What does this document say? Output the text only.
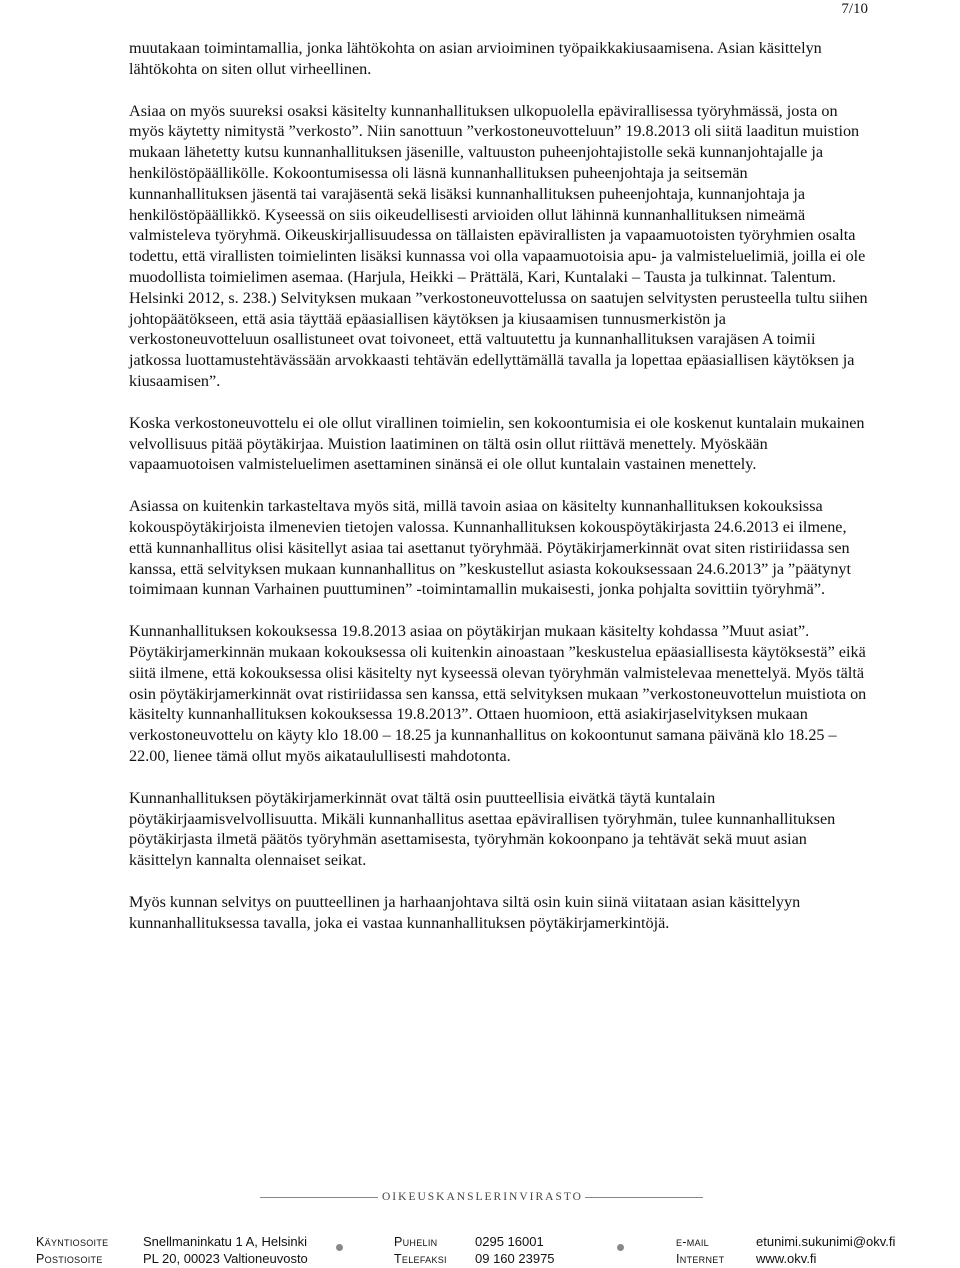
7/10

muutakaan toimintamallia, jonka lähtökohta on asian arvioiminen työpaikkakiusaamisena. Asian käsittelyn lähtökohta on siten ollut virheellinen.

Asiaa on myös suureksi osaksi käsitelty kunnanhallituksen ulkopuolella epävirallisessa työryhmässä, josta on myös käytetty nimitystä ”verkosto”. Niin sanottuun ”verkostoneuvotteluun” 19.8.2013 oli siitä laaditun muistion mukaan lähetetty kutsu kunnanhallituksen jäsenille, valtuuston puheenjohtajistolle sekä kunnanjohtajalle ja henkilöstöpäällikölle. Kokoontumisessa oli läsnä kunnanhallituksen puheenjohtaja ja seitsemän kunnanhallituksen jäsentä tai varajäsentä sekä lisäksi kunnanhallituksen puheenjohtaja, kunnanjohtaja ja henkilöstöpäällikkö. Kyseessä on siis oikeudellisesti arvioiden ollut lähinnä kunnanhallituksen nimeämä valmisteleva työryhmä. Oikeuskirjallisuudessa on tällaisten epävirallisten ja vapaamuotoisten työryhmien osalta todettu, että virallisten toimielinten lisäksi kunnassa voi olla vapaamuotoisia apu- ja valmisteluelimiä, joilla ei ole muodollista toimielimen asemaa. (Harjula, Heikki – Prättälä, Kari, Kuntalaki – Tausta ja tulkinnat. Talentum. Helsinki 2012, s. 238.) Selvityksen mukaan ”verkostoneuvottelussa on saatujen selvitysten perusteella tultu siihen johtopäätökseen, että asia täyttää epäasiallisen käytöksen ja kiusaamisen tunnusmerkistön ja verkostoneuvotteluun osallistuneet ovat toivoneet, että valtuutettu ja kunnanhallituksen varajäsen A toimii jatkossa luottamustehtävässään arvokkaasti tehtävän edellyttämällä tavalla ja lopettaa epäasiallisen käytöksen ja kiusaamisen”.

Koska verkostoneuvottelu ei ole ollut virallinen toimielin, sen kokoontumisia ei ole koskenut kuntalain mukainen velvollisuus pitää pöytäkirjaa. Muistion laatiminen on tältä osin ollut riittävä menettely. Myöskään vapaamuotoisen valmisteluelimen asettaminen sinänsä ei ole ollut kuntalain vastainen menettely.

Asiassa on kuitenkin tarkasteltava myös sitä, millä tavoin asiaa on käsitelty kunnanhallituksen kokouksissa kokouspöytäkirjoista ilmenevien tietojen valossa. Kunnanhallituksen kokouspöytäkirjasta 24.6.2013 ei ilmene, että kunnanhallitus olisi käsitellyt asiaa tai asettanut työryhmää. Pöytäkirjamerkinnät ovat siten ristiriidassa sen kanssa, että selvityksen mukaan kunnanhallitus on ”keskustellut asiasta kokouksessaan 24.6.2013” ja ”päätynyt toimimaan kunnan Varhainen puuttuminen” -toimintamallin mukaisesti, jonka pohjalta sovittiin työryhmä”.

Kunnanhallituksen kokouksessa 19.8.2013 asiaa on pöytäkirjan mukaan käsitelty kohdassa ”Muut asiat”. Pöytäkirjamerkinnän mukaan kokouksessa oli kuitenkin ainoastaan ”keskustelua epäasiallisesta käytöksestä” eikä siitä ilmene, että kokouksessa olisi käsitelty nyt kyseessä olevan työryhmän valmistelevaa menettelyä. Myös tältä osin pöytäkirjamerkinnät ovat ristiriidassa sen kanssa, että selvityksen mukaan ”verkostoneuvottelun muistiota on käsitelty kunnanhallituksen kokouksessa 19.8.2013”. Ottaen huomioon, että asiakirjaselvityksen mukaan verkostoneuvottelu on käyty klo 18.00 – 18.25 ja kunnanhallitus on kokoontunut samana päivänä klo 18.25 – 22.00, lienee tämä ollut myös aikataulullisesti mahdotonta.

Kunnanhallituksen pöytäkirjamerkinnät ovat tältä osin puutteellisia eivätkä täytä kuntalain pöytäkirjaamisvelvollisuutta. Mikäli kunnanhallitus asettaa epävirallisen työryhmän, tulee kunnanhallituksen pöytäkirjasta ilmetä päätös työryhmän asettamisesta, työryhmän kokoonpano ja tehtävät sekä muut asian käsittelyn kannalta olennaiset seikat.

Myös kunnan selvitys on puutteellinen ja harhaanjohtava siltä osin kuin siinä viitataan asian käsittelyyn kunnanhallituksessa tavalla, joka ei vastaa kunnanhallituksen pöytäkirjamerkintöjä.

OIKEUSKANSLERINVIRASTO
Käyntiosoite	Snellmaninkatu 1 A, Helsinki	Puhelin	0295 16001	e-mail	etunimi.sukunimi@okv.fi
Postiosoite	PL 20, 00023 Valtioneuvosto	Telefaksi 09 160 23975	Internet www.okv.fi
